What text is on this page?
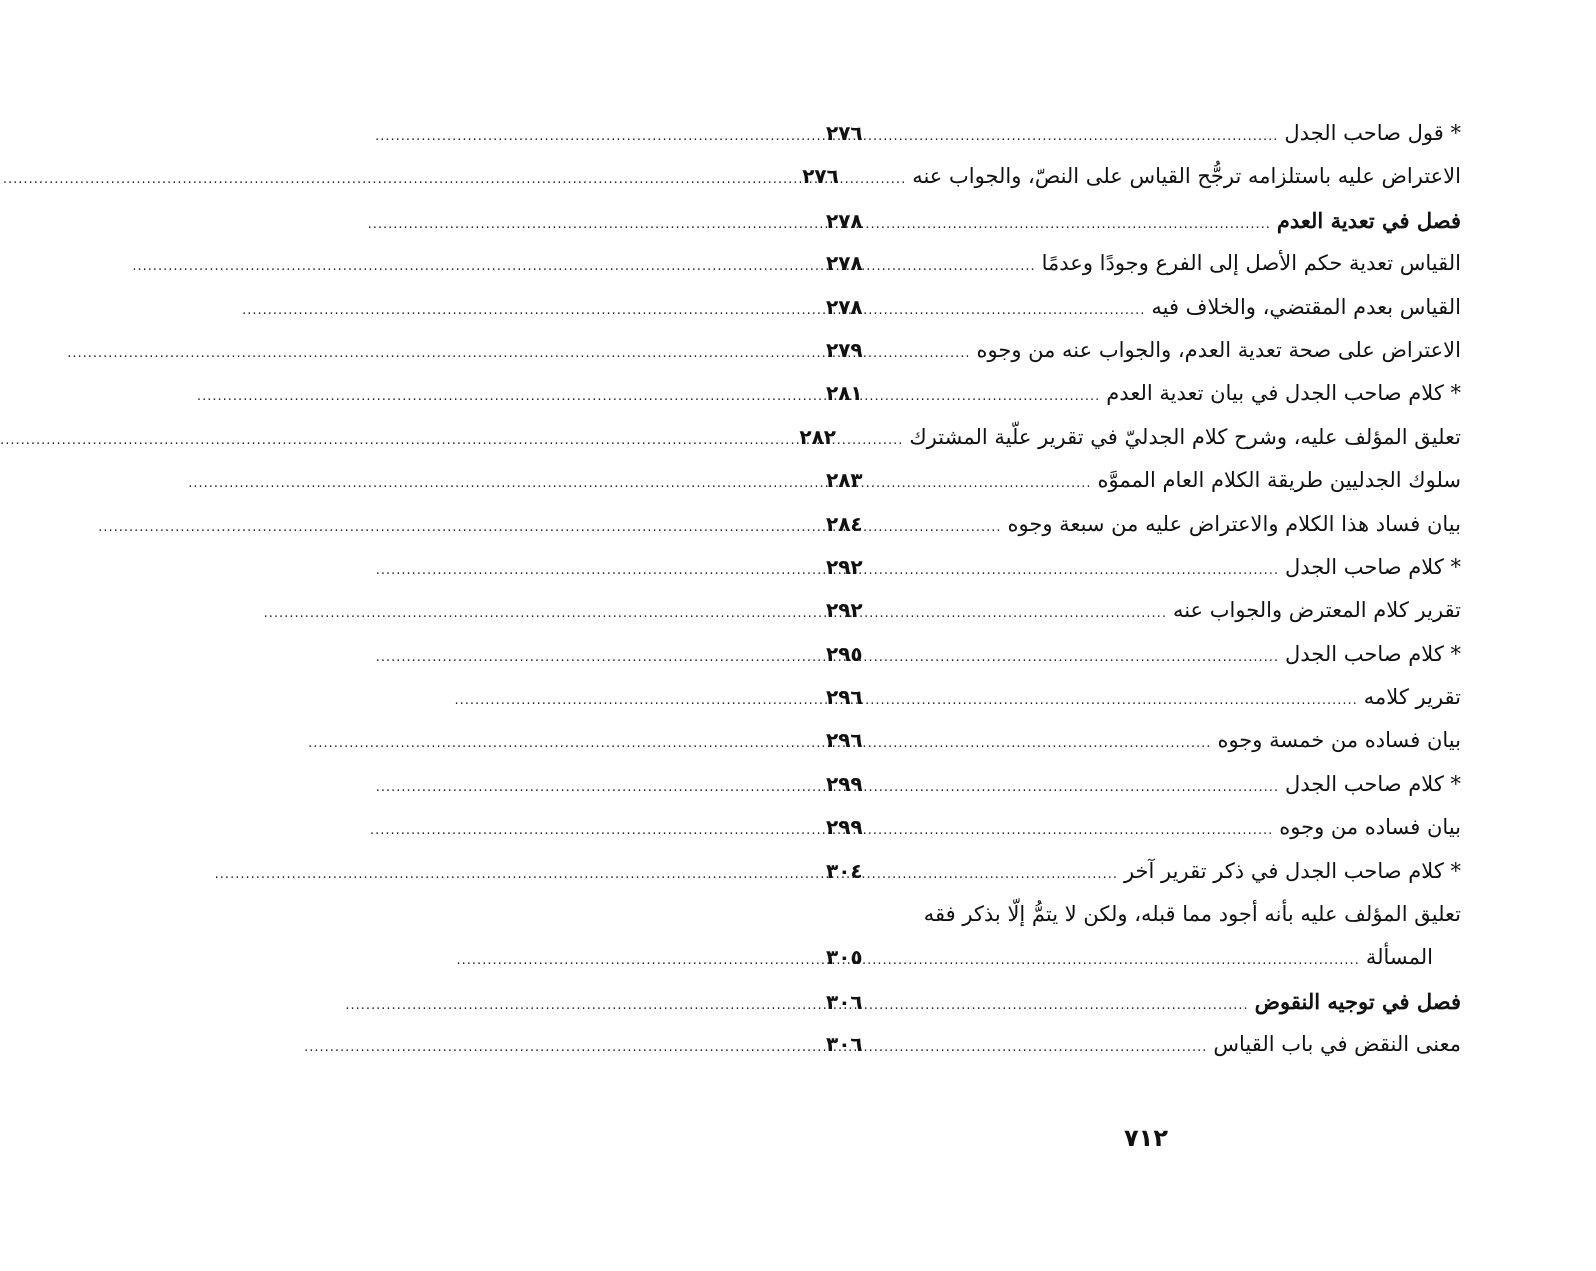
* قول صاحب الجدل
.....
٢٧٦
الاعتراض عليه باستلزامه ترجُّح القياس على النصّ، والجواب عنه
.....
٢٧٦
فصل في تعدية العدم
.....
٢٧٨
القياس تعدية حكم الأصل إلى الفرع وجودًا وعدمًا
.....
٢٧٨
القياس بعدم المقتضي، والخلاف فيه
.....
٢٧٨
الاعتراض على صحة تعدية العدم، والجواب عنه من وجوه
.....
٢٧٩
* كلام صاحب الجدل في بيان تعدية العدم
.....
٢٨١
تعليق المؤلف عليه، وشرح كلام الجدليّ في تقرير علّية المشترك
.....
٢٨٢
سلوك الجدليين طريقة الكلام العام المموَّه
.....
٢٨٣
بيان فساد هذا الكلام والاعتراض عليه من سبعة وجوه
.....
٢٨٤
* كلام صاحب الجدل
.....
٢٩٢
تقرير كلام المعترض والجواب عنه
.....
٢٩٢
* كلام صاحب الجدل
.....
٢٩٥
تقرير كلامه
.....
٢٩٦
بيان فساده من خمسة وجوه
.....
٢٩٦
* كلام صاحب الجدل
.....
٢٩٩
بيان فساده من وجوه
.....
٢٩٩
* كلام صاحب الجدل في ذكر تقرير آخر
.....
٣٠٤
تعليق المؤلف عليه بأنه أجود مما قبله، ولكن لا يتمُّ إلّا بذكر فقه
المسألة
.....
٣٠٥
فصل في توجيه النقوض
.....
٣٠٦
معنى النقض في باب القياس
.....
٣٠٦
٧١٢
